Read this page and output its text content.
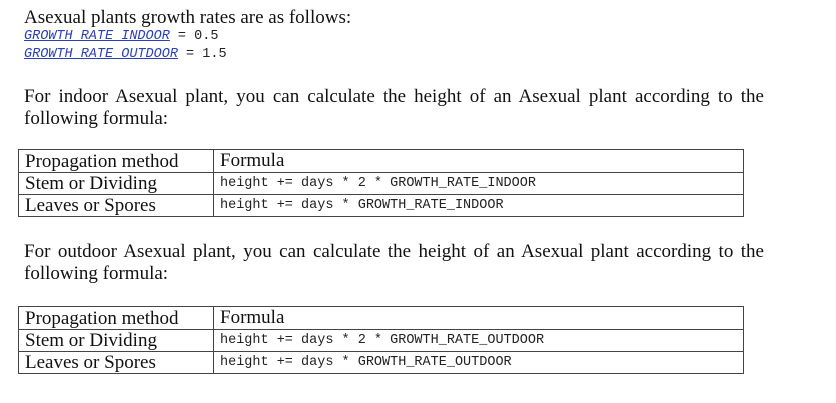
Asexual plants growth rates are as follows:
GROWTH_RATE_INDOOR = 0.5
GROWTH_RATE_OUTDOOR = 1.5
For indoor Asexual plant, you can calculate the height of an Asexual plant according to the following formula:
Propagation method	Formula
Stem or Dividing	height += days * 2 * GROWTH_RATE_INDOOR
Leaves or Spores	height += days * GROWTH_RATE_INDOOR
For outdoor Asexual plant, you can calculate the height of an Asexual plant according to the following formula:
Propagation method	Formula
Stem or Dividing	height += days * 2 * GROWTH_RATE_OUTDOOR
Leaves or Spores	height += days * GROWTH_RATE_OUTDOOR
